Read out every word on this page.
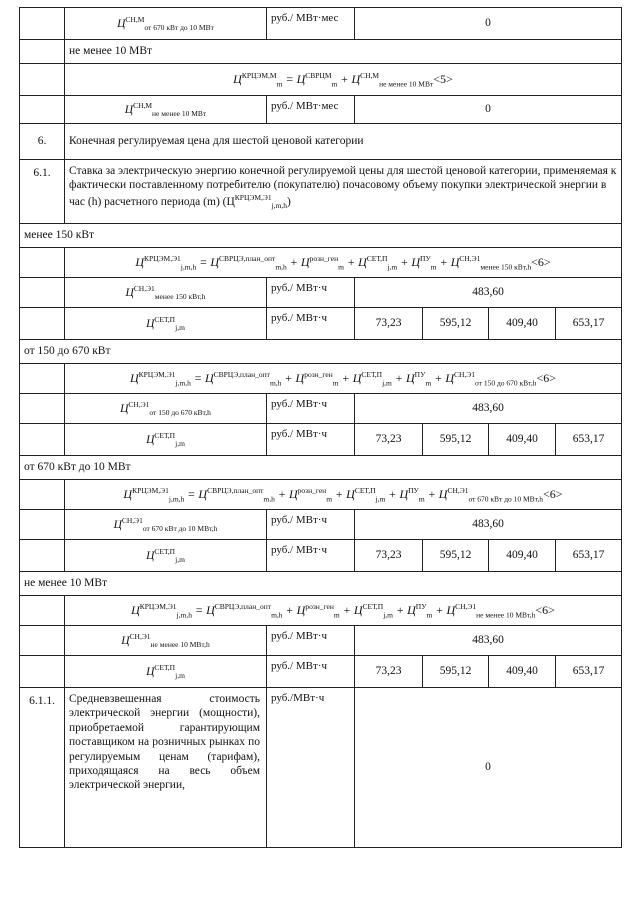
	$Ц^{СН,М}_{от 670 кВт до 10 МВт}$	руб./ МВт·мес	0			
	не менее 10 МВт					
	$Ц^{КРЦЭМ,М}_m = Ц^{СВРЦМ}_m + Ц^{СН,М}_{не менее 10 МВт}<5>$					
	$Ц^{СН,М}_{не менее 10 МВт}$	руб./ МВт·мес	0			
6.	Конечная регулируемая цена для шестой ценовой категории					
6.1.	Ставка за электрическую энергию конечной регулируемой цены для шестой ценовой категории, применяемая к фактически поставленному потребителю (покупателю) почасовому объему покупки электрической энергии в час (h) расчетного периода (m) $(Ц^{КРЦЭМ,Э1}_{j,m,h})$					
менее 150 кВт						
	$Ц^{КРЦЭМ,Э1}_{j,m,h} = Ц^{СВРЦЭ,план\_опт}_{m,h} + Ц^{розн\_ген}_m + Ц^{СЕТ,П}_{j,m} + Ц^{ПУ}_m + Ц^{СН,Э1}_{менее 150 кВт,h}<6>$					
	$Ц^{СН,Э1}_{менее 150 кВт,h}$	руб./ МВт·ч	483,60			
	$Ц^{СЕТ,П}_{j,m}$	руб./ МВт·ч	73,23	595,12	409,40	653,17
от 150 до 670 кВт						
	$Ц^{КРЦЭМ,Э1}_{j,m,h} = Ц^{СВРЦЭ,план\_опт}_{m,h} + Ц^{розн\_ген}_m + Ц^{СЕТ,П}_{j,m} + Ц^{ПУ}_m + Ц^{СН,Э1}_{от 150 до 670 кВт,h}<6>$					
	$Ц^{СН,Э1}_{от 150 до 670 кВт,h}$	руб./ МВт·ч	483,60			
	$Ц^{СЕТ,П}_{j,m}$	руб./ МВт·ч	73,23	595,12	409,40	653,17
от 670 кВт до 10 МВт						
	$Ц^{КРЦЭМ,Э1}_{j,m,h} = Ц^{СВРЦЭ,план\_опт}_{m,h} + Ц^{розн\_ген}_m + Ц^{СЕТ,П}_{j,m} + Ц^{ПУ}_m + Ц^{СН,Э1}_{от 670 кВт до 10 МВт,h}<6>$					
	$Ц^{СН,Э1}_{от 670 кВт до 10 МВт,h}$	руб./ МВт·ч	483,60			
	$Ц^{СЕТ,П}_{j,m}$	руб./ МВт·ч	73,23	595,12	409,40	653,17
не менее 10 МВт						
	$Ц^{КРЦЭМ,Э1}_{j,m,h} = Ц^{СВРЦЭ,план\_опт}_{m,h} + Ц^{розн\_ген}_m + Ц^{СЕТ,П}_{j,m} + Ц^{ПУ}_m + Ц^{СН,Э1}_{не менее 10 МВт,h}<6>$					
	$Ц^{СН,Э1}_{не менее 10 МВт,h}$	руб./ МВт·ч	483,60			
	$Ц^{СЕТ,П}_{j,m}$	руб./ МВт·ч	73,23	595,12	409,40	653,17
6.1.1.	Средневзвешенная стоимость электрической энергии (мощности), приобретаемой гарантирующим поставщиком на розничных рынках по регулируемым ценам (тарифам), приходящаяся на весь объем электрической энергии,	руб./МВт·ч	0			
